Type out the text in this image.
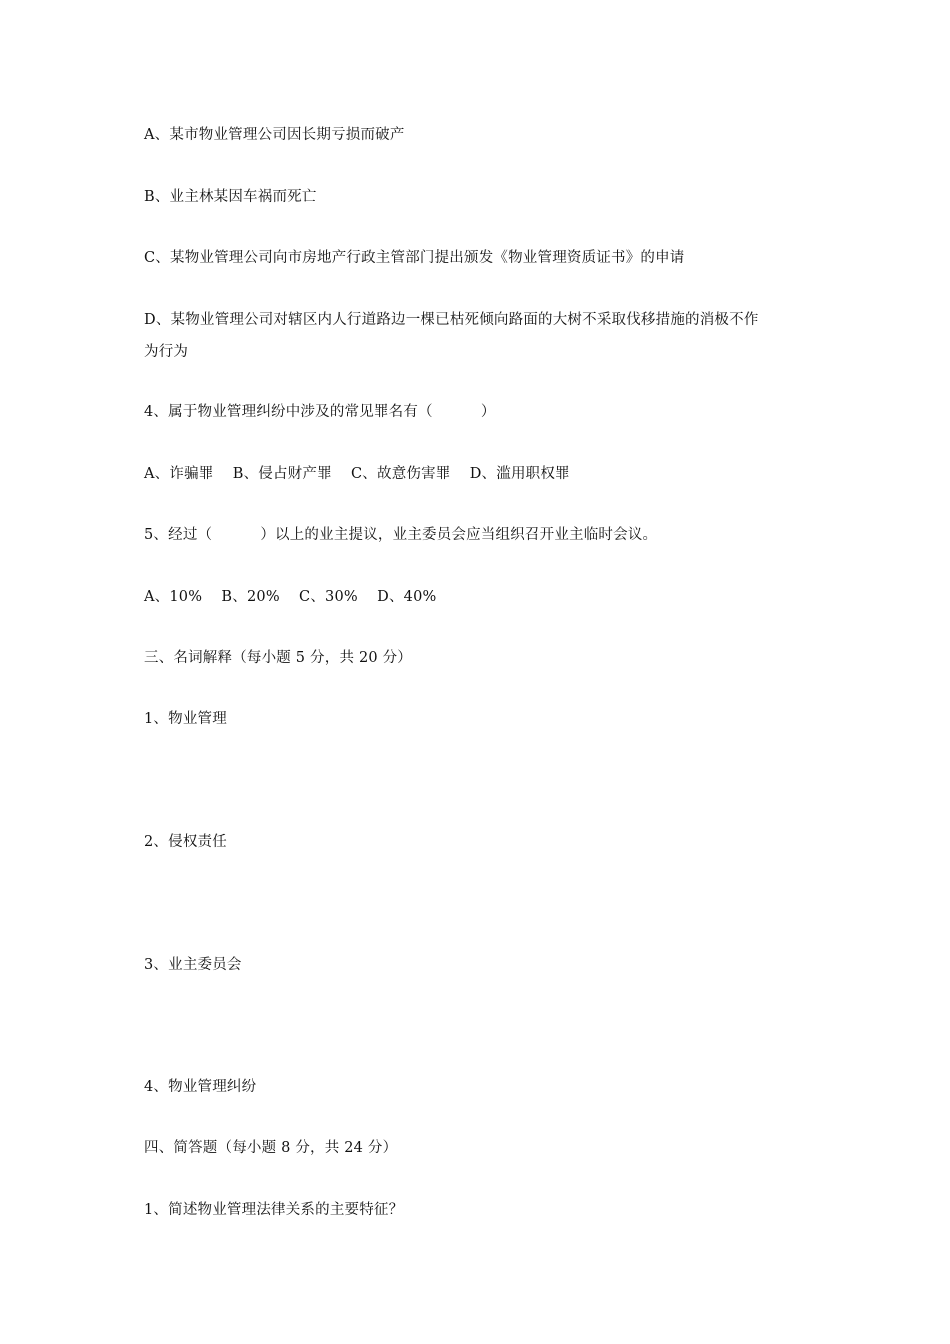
A、某市物业管理公司因长期亏损而破产
B、业主林某因车祸而死亡
C、某物业管理公司向市房地产行政主管部门提出颁发《物业管理资质证书》的申请
D、某物业管理公司对辖区内人行道路边一棵已枯死倾向路面的大树不采取伐移措施的消极不作
为行为
4、属于物业管理纠纷中涉及的常见罪名有（          ）
A、诈骗罪    B、侵占财产罪    C、故意伤害罪    D、滥用职权罪
5、经过（          ）以上的业主提议，业主委员会应当组织召开业主临时会议。
A、10%    B、20%    C、30%    D、40%
三、名词解释（每小题 5 分，共 20 分）
1、物业管理
2、侵权责任
3、业主委员会
4、物业管理纠纷
四、简答题（每小题 8 分，共 24 分）
1、简述物业管理法律关系的主要特征？
